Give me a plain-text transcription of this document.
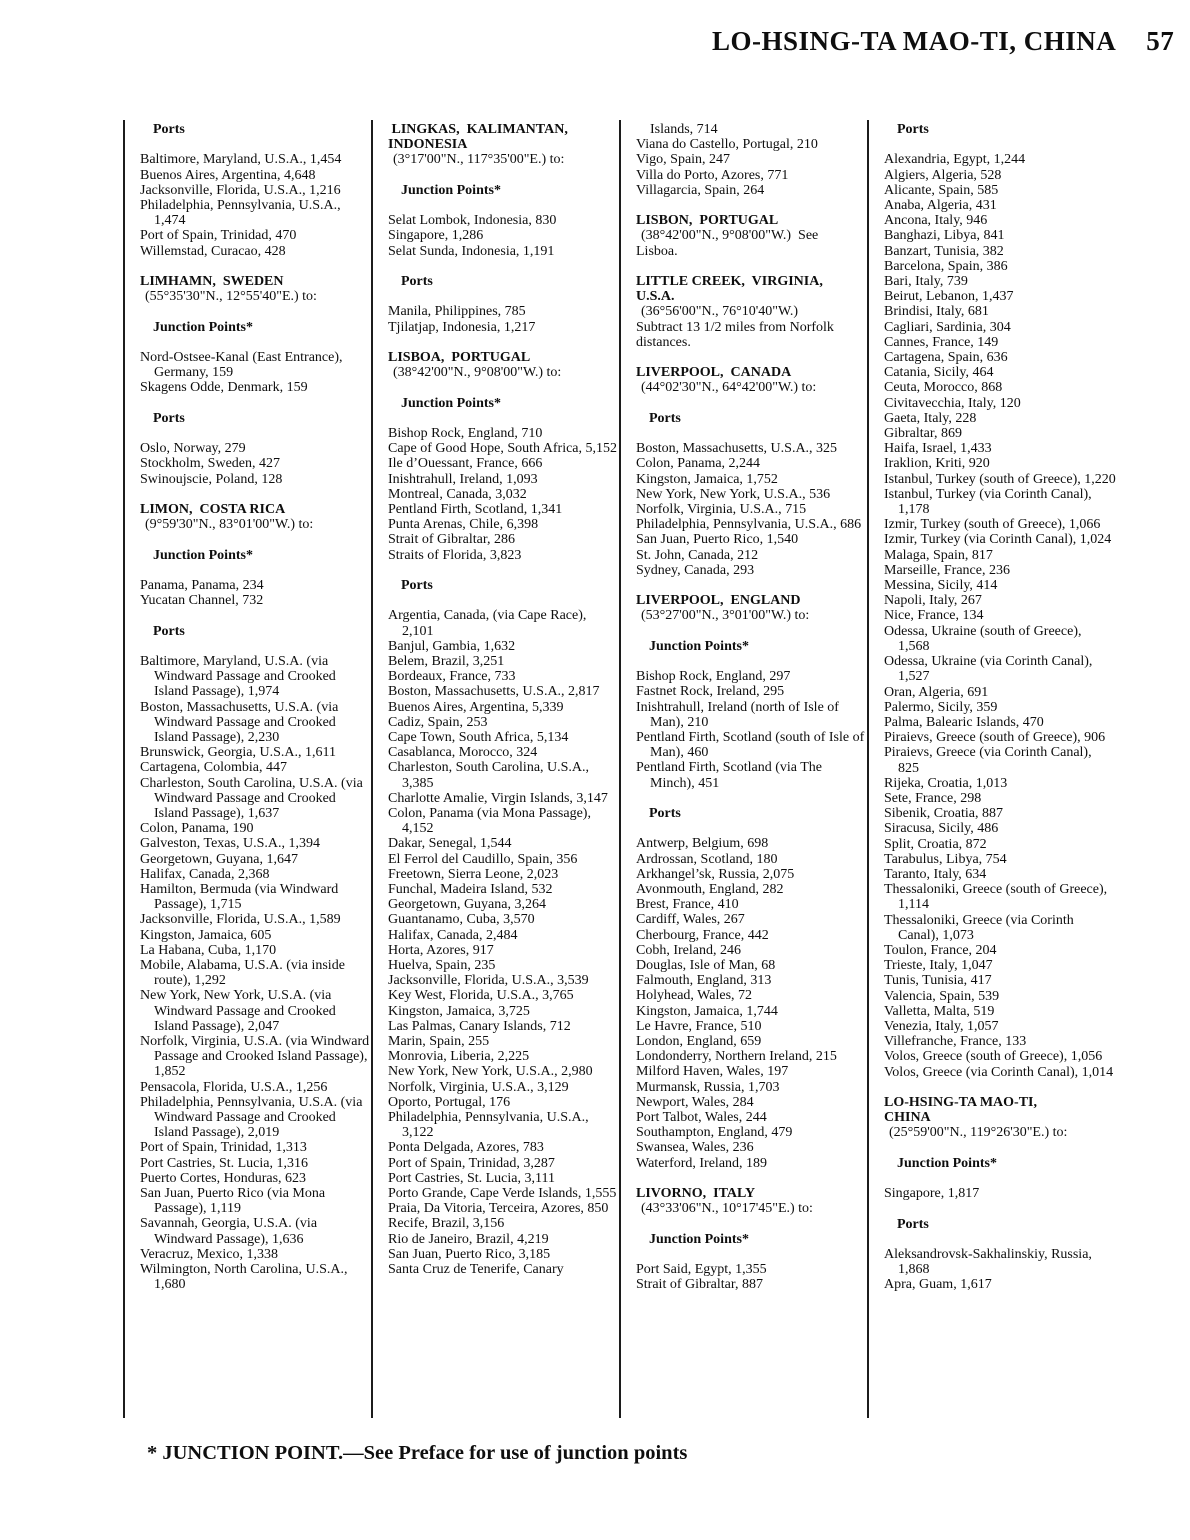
LO-HSING-TA MAO-TI, CHINA 57
Ports
Baltimore, Maryland, U.S.A., 1,454
Buenos Aires, Argentina, 4,648
Jacksonville, Florida, U.S.A., 1,216
Philadelphia, Pennsylvania, U.S.A., 1,474
Port of Spain, Trinidad, 470
Willemstad, Curacao, 428
LIMHAMN,  SWEDEN
(55°35'30"N., 12°55'40"E.) to:
Junction Points*
Nord-Ostsee-Kanal (East Entrance), Germany, 159
Skagens Odde, Denmark, 159
Ports
Oslo, Norway, 279
Stockholm, Sweden, 427
Swinoujscie, Poland, 128
LIMON,  COSTA RICA
(9°59'30"N., 83°01'00"W.) to:
Junction Points*
Panama, Panama, 234
Yucatan Channel, 732
Ports
Baltimore, Maryland, U.S.A. (via Windward Passage and Crooked Island Passage), 1,974
Boston, Massachusetts, U.S.A. (via Windward Passage and Crooked Island Passage), 2,230
Brunswick, Georgia, U.S.A., 1,611
Cartagena, Colombia, 447
Charleston, South Carolina, U.S.A. (via Windward Passage and Crooked Island Passage), 1,637
Colon, Panama, 190
Galveston, Texas, U.S.A., 1,394
Georgetown, Guyana, 1,647
Halifax, Canada, 2,368
Hamilton, Bermuda (via Windward Passage), 1,715
Jacksonville, Florida, U.S.A., 1,589
Kingston, Jamaica, 605
La Habana, Cuba, 1,170
Mobile, Alabama, U.S.A. (via inside route), 1,292
New York, New York, U.S.A. (via Windward Passage and Crooked Island Passage), 2,047
Norfolk, Virginia, U.S.A. (via Windward Passage and Crooked Island Passage), 1,852
Pensacola, Florida, U.S.A., 1,256
Philadelphia, Pennsylvania, U.S.A. (via Windward Passage and Crooked Island Passage), 2,019
Port of Spain, Trinidad, 1,313
Port Castries, St. Lucia, 1,316
Puerto Cortes, Honduras, 623
San Juan, Puerto Rico (via Mona Passage), 1,119
Savannah, Georgia, U.S.A. (via Windward Passage), 1,636
Veracruz, Mexico, 1,338
Wilmington, North Carolina, U.S.A., 1,680
LINGKAS,  KALIMANTAN,
INDONESIA
(3°17'00"N., 117°35'00"E.) to:
Junction Points*
Selat Lombok, Indonesia, 830
Singapore, 1,286
Selat Sunda, Indonesia, 1,191
Ports
Manila, Philippines, 785
Tjilatjap, Indonesia, 1,217
LISBOA,  PORTUGAL
(38°42'00"N., 9°08'00"W.) to:
Junction Points*
Bishop Rock, England, 710
Cape of Good Hope, South Africa, 5,152
Ile d’Ouessant, France, 666
Inishtrahull, Ireland, 1,093
Montreal, Canada, 3,032
Pentland Firth, Scotland, 1,341
Punta Arenas, Chile, 6,398
Strait of Gibraltar, 286
Straits of Florida, 3,823
Ports
Argentia, Canada, (via Cape Race), 2,101
Banjul, Gambia, 1,632
Belem, Brazil, 3,251
Bordeaux, France, 733
Boston, Massachusetts, U.S.A., 2,817
Buenos Aires, Argentina, 5,339
Cadiz, Spain, 253
Cape Town, South Africa, 5,134
Casablanca, Morocco, 324
Charleston, South Carolina, U.S.A., 3,385
Charlotte Amalie, Virgin Islands, 3,147
Colon, Panama (via Mona Passage), 4,152
Dakar, Senegal, 1,544
El Ferrol del Caudillo, Spain, 356
Freetown, Sierra Leone, 2,023
Funchal, Madeira Island, 532
Georgetown, Guyana, 3,264
Guantanamo, Cuba, 3,570
Halifax, Canada, 2,484
Horta, Azores, 917
Huelva, Spain, 235
Jacksonville, Florida, U.S.A., 3,539
Key West, Florida, U.S.A., 3,765
Kingston, Jamaica, 3,725
Las Palmas, Canary Islands, 712
Marin, Spain, 255
Monrovia, Liberia, 2,225
New York, New York, U.S.A., 2,980
Norfolk, Virginia, U.S.A., 3,129
Oporto, Portugal, 176
Philadelphia, Pennsylvania, U.S.A., 3,122
Ponta Delgada, Azores, 783
Port of Spain, Trinidad, 3,287
Port Castries, St. Lucia, 3,111
Porto Grande, Cape Verde Islands, 1,555
Praia, Da Vitoria, Terceira, Azores, 850
Recife, Brazil, 3,156
Rio de Janeiro, Brazil, 4,219
San Juan, Puerto Rico, 3,185
Santa Cruz de Tenerife, Canary
Islands, 714
Viana do Castello, Portugal, 210
Vigo, Spain, 247
Villa do Porto, Azores, 771
Villagarcia, Spain, 264
LISBON,  PORTUGAL
(38°42'00"N., 9°08'00"W.)  See
Lisboa.
LITTLE CREEK,  VIRGINIA,
U.S.A.
(36°56'00"N., 76°10'40"W.)
Subtract 13 1/2 miles from Norfolk
distances.
LIVERPOOL,  CANADA
(44°02'30"N., 64°42'00"W.) to:
Ports
Boston, Massachusetts, U.S.A., 325
Colon, Panama, 2,244
Kingston, Jamaica, 1,752
New York, New York, U.S.A., 536
Norfolk, Virginia, U.S.A., 715
Philadelphia, Pennsylvania, U.S.A., 686
San Juan, Puerto Rico, 1,540
St. John, Canada, 212
Sydney, Canada, 293
LIVERPOOL,  ENGLAND
(53°27'00"N., 3°01'00"W.) to:
Junction Points*
Bishop Rock, England, 297
Fastnet Rock, Ireland, 295
Inishtrahull, Ireland (north of Isle of Man), 210
Pentland Firth, Scotland (south of Isle of Man), 460
Pentland Firth, Scotland (via The Minch), 451
Ports
Antwerp, Belgium, 698
Ardrossan, Scotland, 180
Arkhangel’sk, Russia, 2,075
Avonmouth, England, 282
Brest, France, 410
Cardiff, Wales, 267
Cherbourg, France, 442
Cobh, Ireland, 246
Douglas, Isle of Man, 68
Falmouth, England, 313
Holyhead, Wales, 72
Kingston, Jamaica, 1,744
Le Havre, France, 510
London, England, 659
Londonderry, Northern Ireland, 215
Milford Haven, Wales, 197
Murmansk, Russia, 1,703
Newport, Wales, 284
Port Talbot, Wales, 244
Southampton, England, 479
Swansea, Wales, 236
Waterford, Ireland, 189
LIVORNO,  ITALY
(43°33'06"N., 10°17'45"E.) to:
Junction Points*
Port Said, Egypt, 1,355
Strait of Gibraltar, 887
Ports
Alexandria, Egypt, 1,244
Algiers, Algeria, 528
Alicante, Spain, 585
Anaba, Algeria, 431
Ancona, Italy, 946
Banghazi, Libya, 841
Banzart, Tunisia, 382
Barcelona, Spain, 386
Bari, Italy, 739
Beirut, Lebanon, 1,437
Brindisi, Italy, 681
Cagliari, Sardinia, 304
Cannes, France, 149
Cartagena, Spain, 636
Catania, Sicily, 464
Ceuta, Morocco, 868
Civitavecchia, Italy, 120
Gaeta, Italy, 228
Gibraltar, 869
Haifa, Israel, 1,433
Iraklion, Kriti, 920
Istanbul, Turkey (south of Greece), 1,220
Istanbul, Turkey (via Corinth Canal), 1,178
Izmir, Turkey (south of Greece), 1,066
Izmir, Turkey (via Corinth Canal), 1,024
Malaga, Spain, 817
Marseille, France, 236
Messina, Sicily, 414
Napoli, Italy, 267
Nice, France, 134
Odessa, Ukraine (south of Greece), 1,568
Odessa, Ukraine (via Corinth Canal), 1,527
Oran, Algeria, 691
Palermo, Sicily, 359
Palma, Balearic Islands, 470
Piraievs, Greece (south of Greece), 906
Piraievs, Greece (via Corinth Canal), 825
Rijeka, Croatia, 1,013
Sete, France, 298
Sibenik, Croatia, 887
Siracusa, Sicily, 486
Split, Croatia, 872
Tarabulus, Libya, 754
Taranto, Italy, 634
Thessaloniki, Greece (south of Greece), 1,114
Thessaloniki, Greece (via Corinth Canal), 1,073
Toulon, France, 204
Trieste, Italy, 1,047
Tunis, Tunisia, 417
Valencia, Spain, 539
Valletta, Malta, 519
Venezia, Italy, 1,057
Villefranche, France, 133
Volos, Greece (south of Greece), 1,056
Volos, Greece (via Corinth Canal), 1,014
LO-HSING-TA MAO-TI,
CHINA
(25°59'00"N., 119°26'30"E.) to:
Junction Points*
Singapore, 1,817
Ports
Aleksandrovsk-Sakhalinskiy, Russia, 1,868
Apra, Guam, 1,617
* JUNCTION POINT.—See Preface for use of junction points
